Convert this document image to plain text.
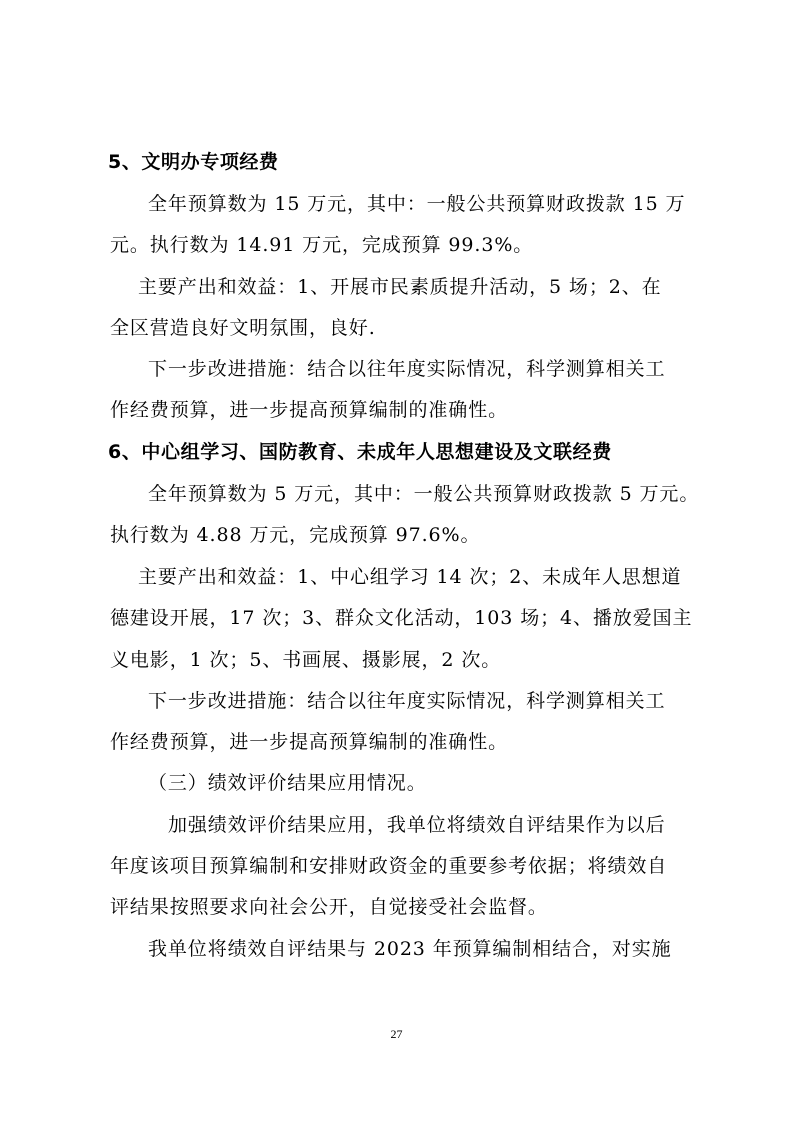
5、文明办专项经费
全年预算数为 15 万元，其中：一般公共预算财政拨款 15 万
元。执行数为 14.91 万元，完成预算 99.3%。
主要产出和效益：1、开展市民素质提升活动，5 场；2、在
全区营造良好文明氛围，良好.
下一步改进措施：结合以往年度实际情况，科学测算相关工
作经费预算，进一步提高预算编制的准确性。
6、中心组学习、国防教育、未成年人思想建设及文联经费
全年预算数为 5 万元，其中：一般公共预算财政拨款 5 万元。
执行数为 4.88 万元，完成预算 97.6%。
主要产出和效益：1、中心组学习 14 次；2、未成年人思想道
德建设开展，17 次；3、群众文化活动，103 场；4、播放爱国主
义电影，1 次；5、书画展、摄影展，2 次。
下一步改进措施：结合以往年度实际情况，科学测算相关工
作经费预算，进一步提高预算编制的准确性。
（三）绩效评价结果应用情况。
加强绩效评价结果应用，我单位将绩效自评结果作为以后
年度该项目预算编制和安排财政资金的重要参考依据；将绩效自
评结果按照要求向社会公开，自觉接受社会监督。
我单位将绩效自评结果与 2023 年预算编制相结合，对实施
27
